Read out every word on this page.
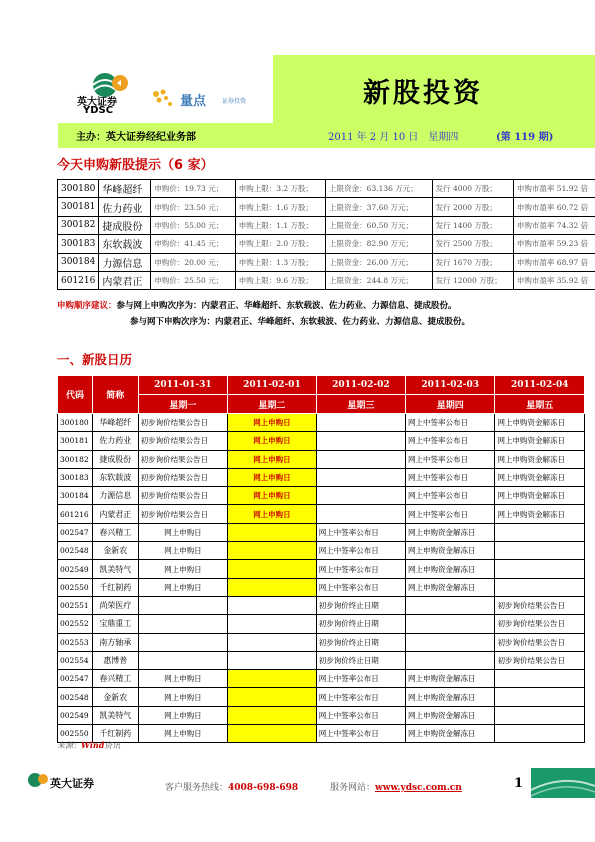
新股投资
主办：英大证券经纪业务部	2011 年 2 月 10 日　星期四	(第 119 期)
英大证券
YDSC
量点	证券投资
今天申购新股提示（6 家）
300180	华峰超纤	申购价：19.73 元；	申购上限：3.2 万股；	上限资金：63.136 万元；	发行 4000 万股；	申购市盈率 51.92 倍
300181	佐力药业	申购价：23.50 元；	申购上限：1.6 万股；	上限资金：37.60 万元；	发行 2000 万股；	申购市盈率 60.72 倍
300182	捷成股份	申购价：55.00 元；	申购上限：1.1 万股；	上限资金：60.50 万元；	发行 1400 万股；	申购市盈率 74.32 倍
300183	东软载波	申购价：41.45 元；	申购上限：2.0 万股；	上限资金：82.90 万元；	发行 2500 万股；	申购市盈率 59.23 倍
300184	力源信息	申购价：20.00 元；	申购上限：1.3 万股；	上限资金：26.00 万元；	发行 1670 万股；	申购市盈率 68.97 倍
601216	内蒙君正	申购价：25.50 元；	申购上限：9.6 万股；	上限资金：244.8 万元；	发行 12000 万股；	申购市盈率 35.92 倍
申购顺序建议：参与网上申购次序为：内蒙君正、华峰超纤、东软载波、佐力药业、力源信息、捷成股份。
参与网下申购次序为：内蒙君正、华峰超纤、东软载波、佐力药业、力源信息、捷成股份。
一、新股日历
代码	简称	2011-01-31	2011-02-01	2011-02-02	2011-02-03	2011-02-04
		星期一	星期二	星期三	星期四	星期五
300180	华峰超纤	初步询价结果公告日	网上申购日		网上中签率公布日	网上申购资金解冻日
300181	佐力药业	初步询价结果公告日	网上申购日		网上中签率公布日	网上申购资金解冻日
300182	捷成股份	初步询价结果公告日	网上申购日		网上中签率公布日	网上申购资金解冻日
300183	东软载波	初步询价结果公告日	网上申购日		网上中签率公布日	网上申购资金解冻日
300184	力源信息	初步询价结果公告日	网上申购日		网上中签率公布日	网上申购资金解冻日
601216	内蒙君正	初步询价结果公告日	网上申购日		网上中签率公布日	网上申购资金解冻日
002547	春兴精工	网上申购日		网上中签率公布日	网上申购资金解冻日	
002548	金新农	网上申购日		网上中签率公布日	网上申购资金解冻日	
002549	凯美特气	网上申购日		网上中签率公布日	网上申购资金解冻日	
002550	千红制药	网上申购日		网上中签率公布日	网上申购资金解冻日	
002551	尚荣医疗			初步询价终止日期		初步询价结果公告日
002552	宝鼎重工			初步询价终止日期		初步询价结果公告日
002553	南方轴承			初步询价终止日期		初步询价结果公告日
002554	惠博普			初步询价终止日期		初步询价结果公告日
002547	春兴精工	网上申购日		网上中签率公布日	网上申购资金解冻日	
002548	金新农	网上申购日		网上中签率公布日	网上申购资金解冻日	
002549	凯美特气	网上申购日		网上中签率公布日	网上申购资金解冻日	
002550	千红制药	网上申购日		网上中签率公布日	网上申购资金解冻日	
来源：Wind资讯
英大证券	客户服务热线：4008-698-698	服务网站：www.ydsc.com.cn	1
